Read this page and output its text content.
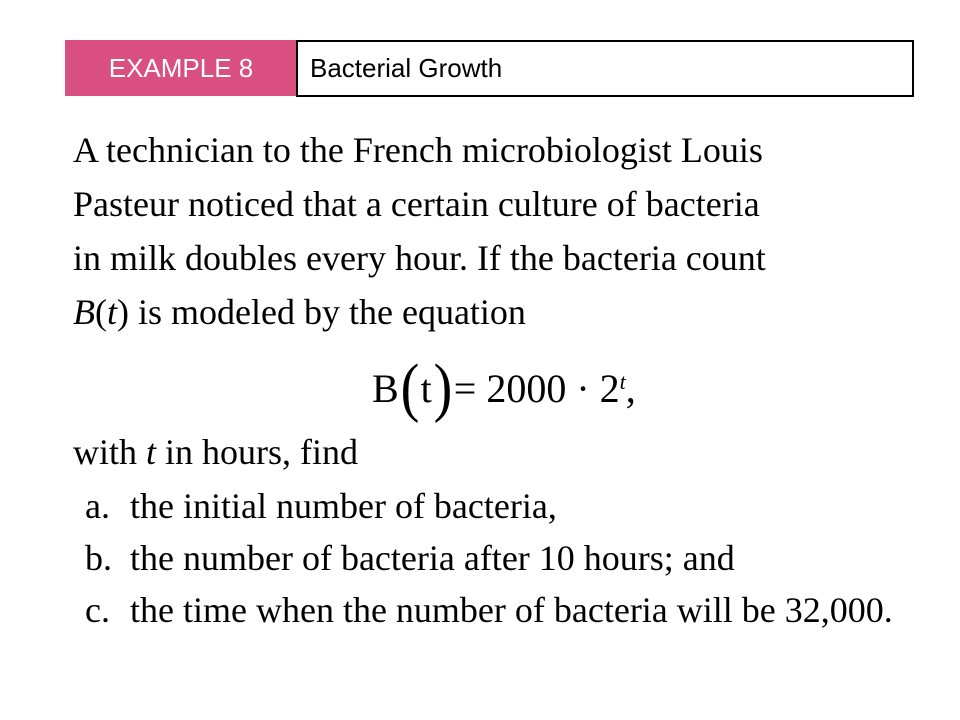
EXAMPLE 8	Bacterial Growth
A technician to the French microbiologist Louis
Pasteur noticed that a certain culture of bacteria
in milk doubles every hour. If the bacteria count
B(t) is modeled by the equation
B ( t ) = $2000 \cdot 2^t$ ,
with t in hours, find
a. the initial number of bacteria,
b. the number of bacteria after 10 hours; and
c. the time when the number of bacteria will be 32,000.
